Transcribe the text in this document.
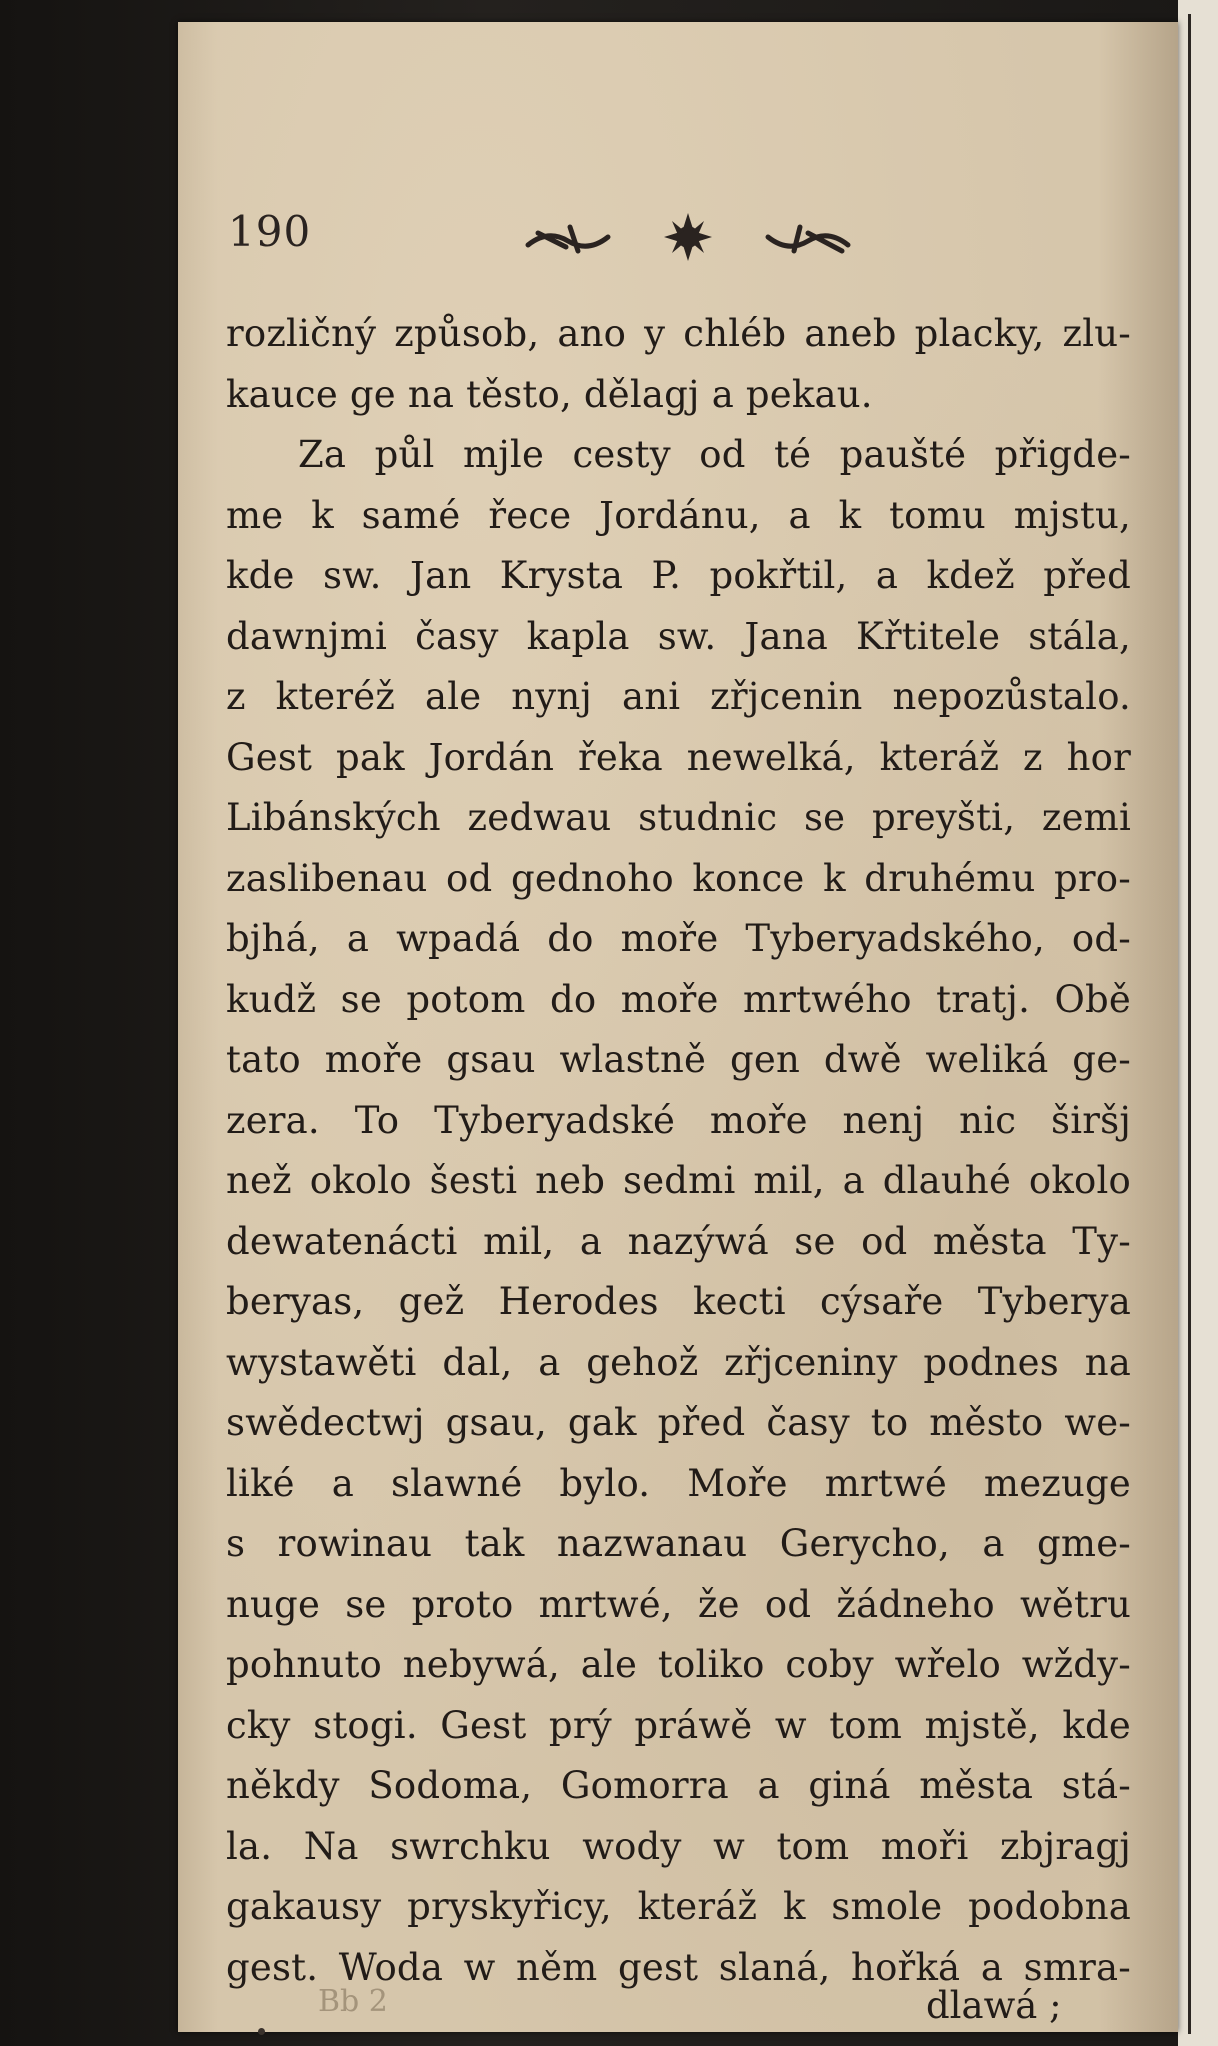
190
rozličný způsob, ano y chléb aneb placky, zlu-
kauce ge na těsto, dělagj a pekau.
Za půl mjle cesty od té paušté přigde-
me k samé řece Jordánu, a k tomu mjstu,
kde sw. Jan Krysta P. pokřtil, a kdež před
dawnjmi časy kapla sw. Jana Křtitele stála,
z kteréž ale nynj ani zřjcenin nepozůstalo.
Gest pak Jordán řeka newelká, kteráž z hor
Libánských zedwau studnic se preyšti, zemi
zaslibenau od gednoho konce k druhému pro-
bjhá, a wpadá do moře Tyberyadského, od-
kudž se potom do moře mrtwého tratj. Obě
tato moře gsau wlastně gen dwě weliká ge-
zera. To Tyberyadské moře nenj nic širšj
než okolo šesti neb sedmi mil, a dlauhé okolo
dewatenácti mil, a nazýwá se od města Ty-
beryas, gež Herodes kecti cýsaře Tyberya
wystawěti dal, a gehož zřjceniny podnes na
swědectwj gsau, gak před časy to město we-
liké a slawné bylo. Moře mrtwé mezuge
s rowinau tak nazwanau Gerycho, a gme-
nuge se proto mrtwé, že od žádneho wětru
pohnuto nebywá, ale toliko coby wřelo wždy-
cky stogi. Gest prý práwě w tom mjstě, kde
někdy Sodoma, Gomorra a giná města stá-
la. Na swrchku wody w tom moři zbjragj
gakausy pryskyřicy, kteráž k smole podobna
gest. Woda w něm gest slaná, hořká a smra-
Bb 2	dlawá ;
